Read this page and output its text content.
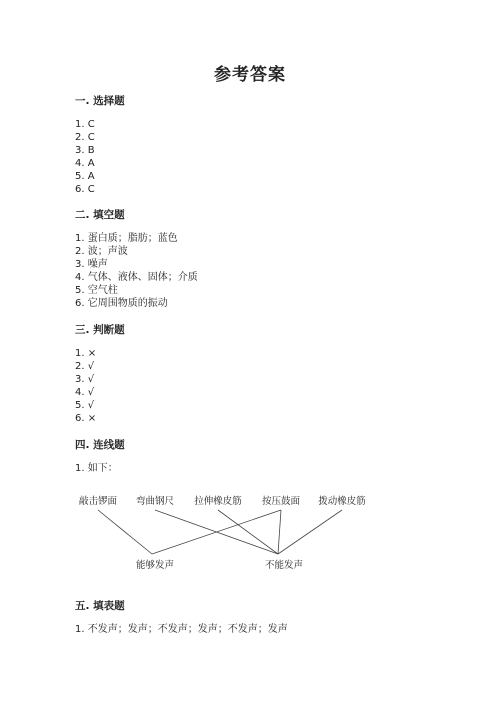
参考答案
一. 选择题
1. C
2. C
3. B
4. A
5. A
6. C
二. 填空题
1. 蛋白质；脂肪；蓝色
2. 波；声波
3. 噪声
4. 气体、液体、固体；介质
5. 空气柱
6. 它周围物质的振动
三. 判断题
1. ×
2. √
3. √
4. √
5. √
6. ×
四. 连线题
1. 如下：
敲击锣面 弯曲钢尺 拉伸橡皮筋 按压鼓面 拨动橡皮筋
能够发声	不能发声
五. 填表题
1. 不发声；发声；不发声；发声；不发声；发声
